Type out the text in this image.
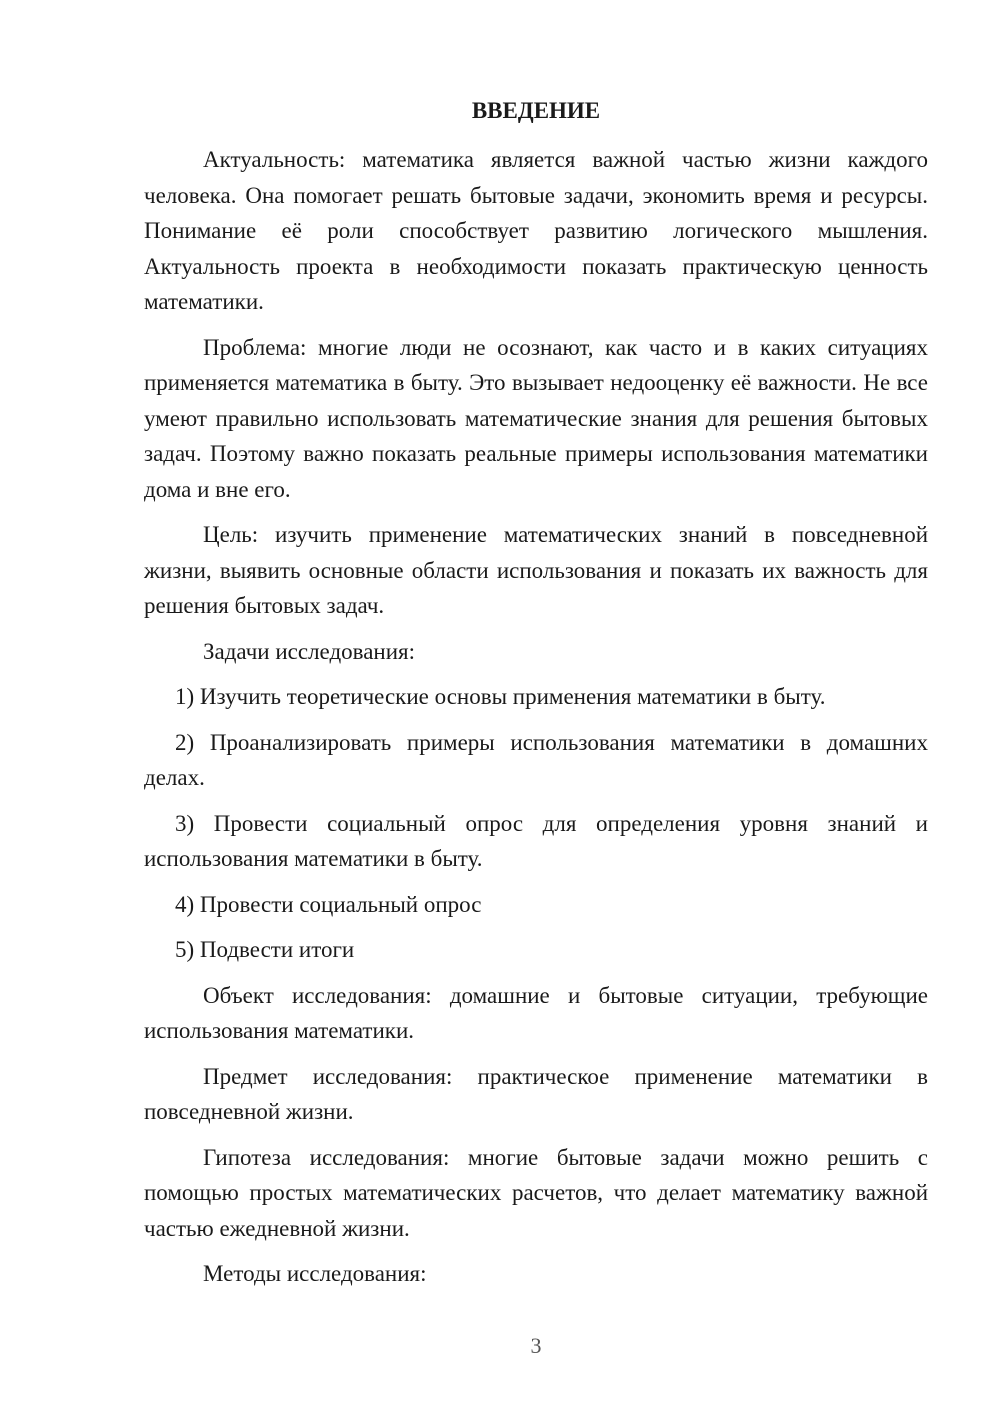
ВВЕДЕНИЕ

Актуальность: математика является важной частью жизни каждого человека. Она помогает решать бытовые задачи, экономить время и ресурсы. Понимание её роли способствует развитию логического мышления. Актуальность проекта в необходимости показать практическую ценность математики.

Проблема: многие люди не осознают, как часто и в каких ситуациях применяется математика в быту. Это вызывает недооценку её важности. Не все умеют правильно использовать математические знания для решения бытовых задач. Поэтому важно показать реальные примеры использования математики дома и вне его.

Цель: изучить применение математических знаний в повседневной жизни, выявить основные области использования и показать их важность для решения бытовых задач.

Задачи исследования:

1) Изучить теоретические основы применения математики в быту.

2) Проанализировать примеры использования математики в домашних делах.

3) Провести социальный опрос для определения уровня знаний и использования математики в быту.

4) Провести социальный опрос

5) Подвести итоги

Объект исследования: домашние и бытовые ситуации, требующие использования математики.

Предмет исследования: практическое применение математики в повседневной жизни.

Гипотеза исследования: многие бытовые задачи можно решить с помощью простых математических расчетов, что делает математику важной частью ежедневной жизни.

Методы исследования:

3
